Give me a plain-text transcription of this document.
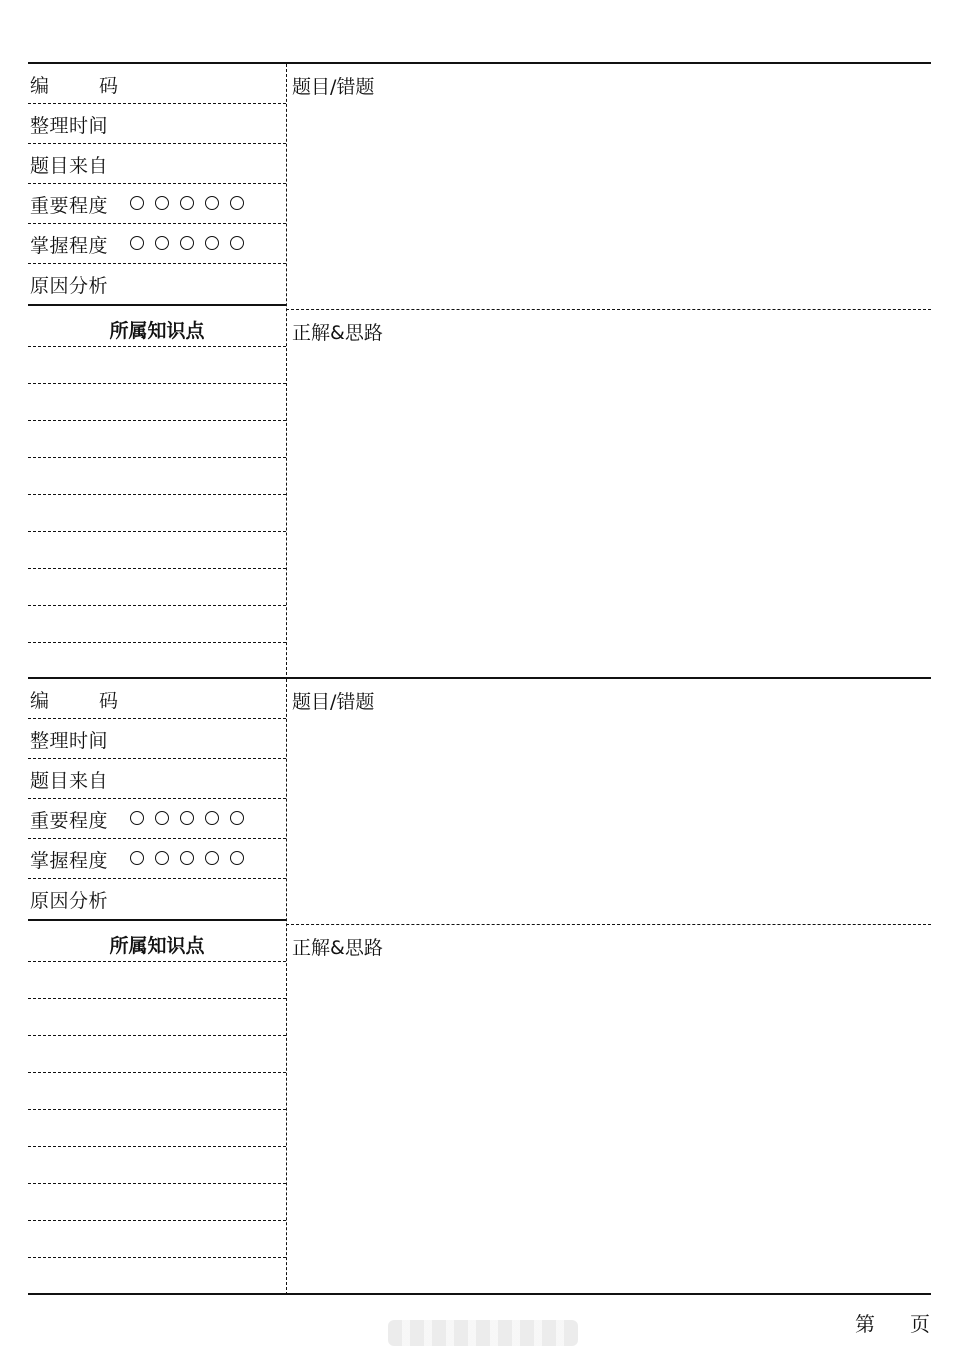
编 码
整理时间
题目来自
重要程度
掌握程度
原因分析
所属知识点
题目/错题
正解&思路
编 码
整理时间
题目来自
重要程度
掌握程度
原因分析
所属知识点
题目/错题
正解&思路
第 页
